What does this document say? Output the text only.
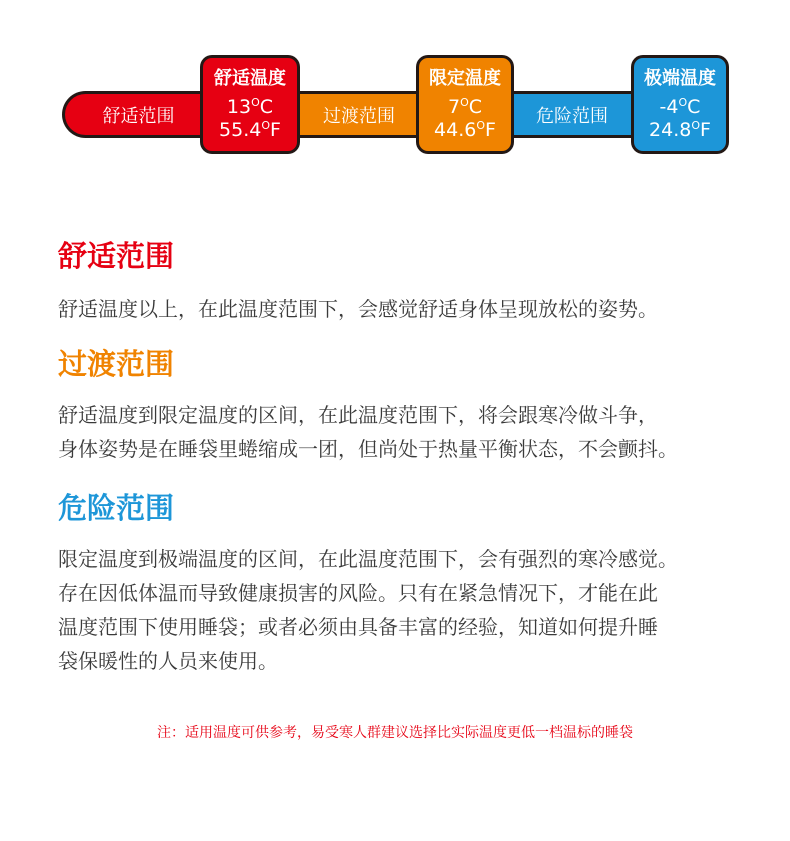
舒适范围	过渡范围	危险范围
舒适温度
$13^OC$
$55.4^OF$
限定温度
$7^OC$
$44.6^OF$
极端温度
$-4^OC$
$24.8^OF$
舒适范围

舒适温度以上，在此温度范围下，会感觉舒适身体呈现放松的姿势。

过渡范围

舒适温度到限定温度的区间，在此温度范围下，将会跟寒冷做斗争，
身体姿势是在睡袋里蜷缩成一团，但尚处于热量平衡状态，不会颤抖。

危险范围

限定温度到极端温度的区间，在此温度范围下，会有强烈的寒冷感觉。
存在因低体温而导致健康损害的风险。只有在紧急情况下，才能在此
温度范围下使用睡袋；或者必须由具备丰富的经验，知道如何提升睡
袋保暖性的人员来使用。

注：适用温度可供参考，易受寒人群建议选择比实际温度更低一档温标的睡袋
